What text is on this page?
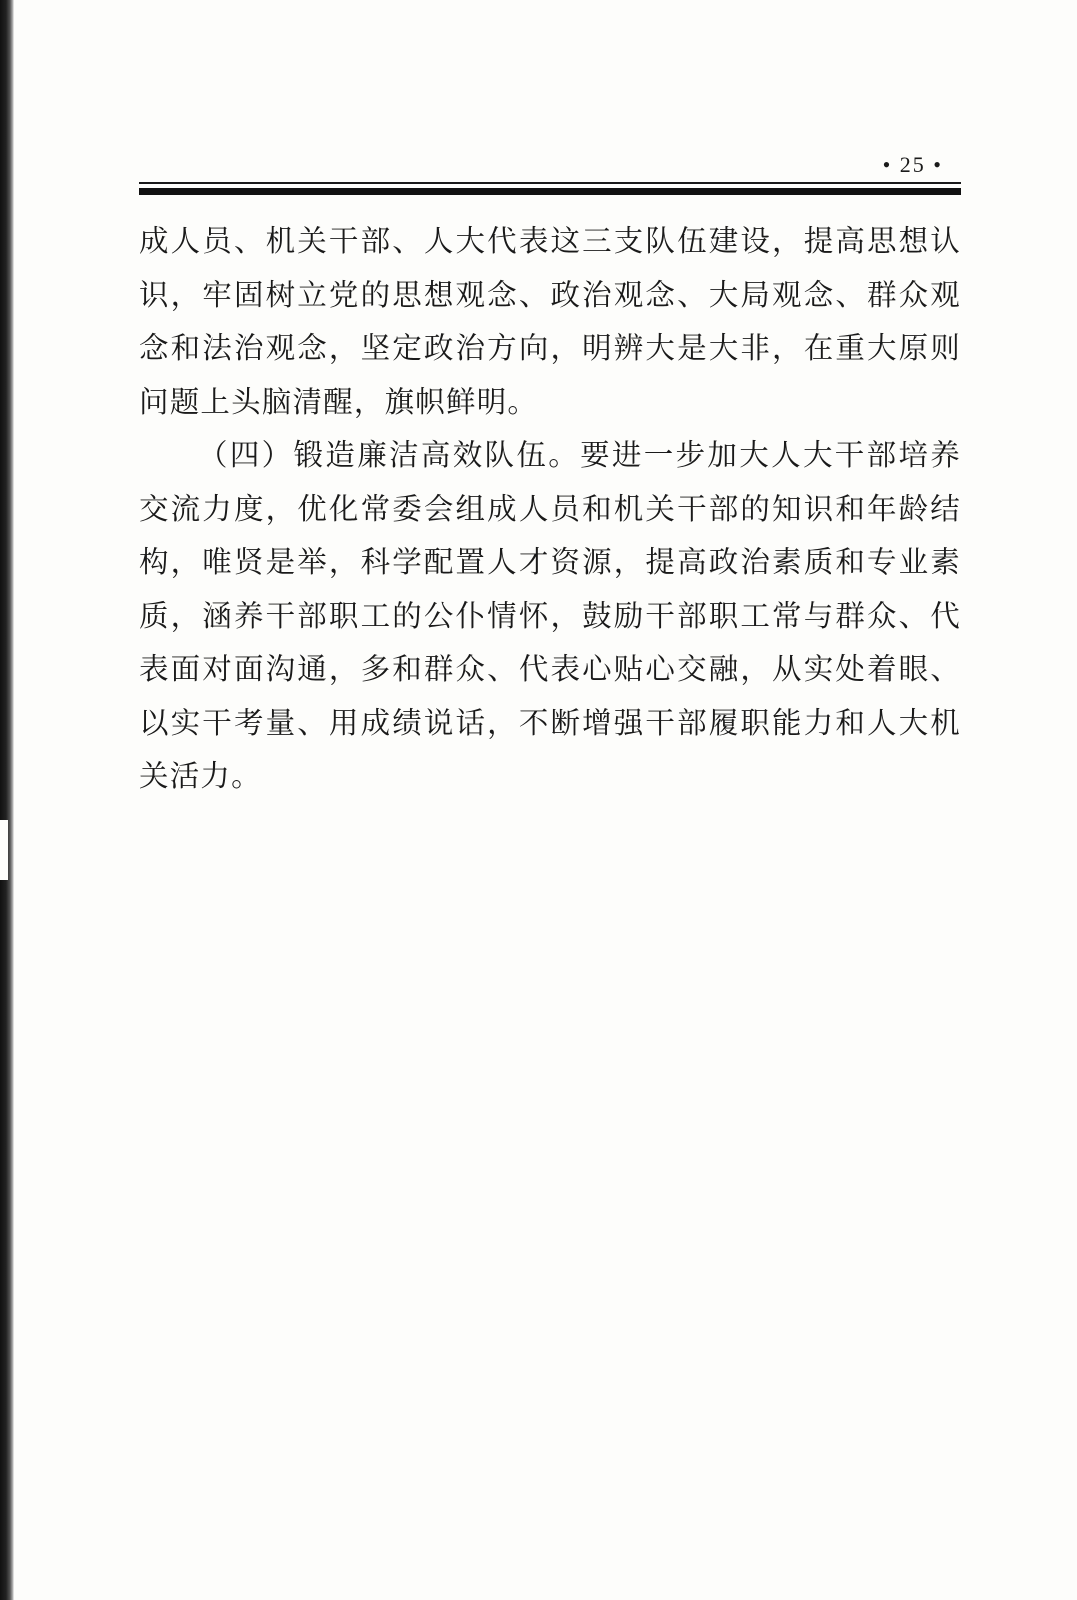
• 25 •

成人员、机关干部、人大代表这三支队伍建设，提高思想认识，牢固树立党的思想观念、政治观念、大局观念、群众观念和法治观念，坚定政治方向，明辨大是大非，在重大原则问题上头脑清醒，旗帜鲜明。

（四）锻造廉洁高效队伍。要进一步加大人大干部培养交流力度，优化常委会组成人员和机关干部的知识和年龄结构，唯贤是举，科学配置人才资源，提高政治素质和专业素质，涵养干部职工的公仆情怀，鼓励干部职工常与群众、代表面对面沟通，多和群众、代表心贴心交融，从实处着眼、以实干考量、用成绩说话，不断增强干部履职能力和人大机关活力。
